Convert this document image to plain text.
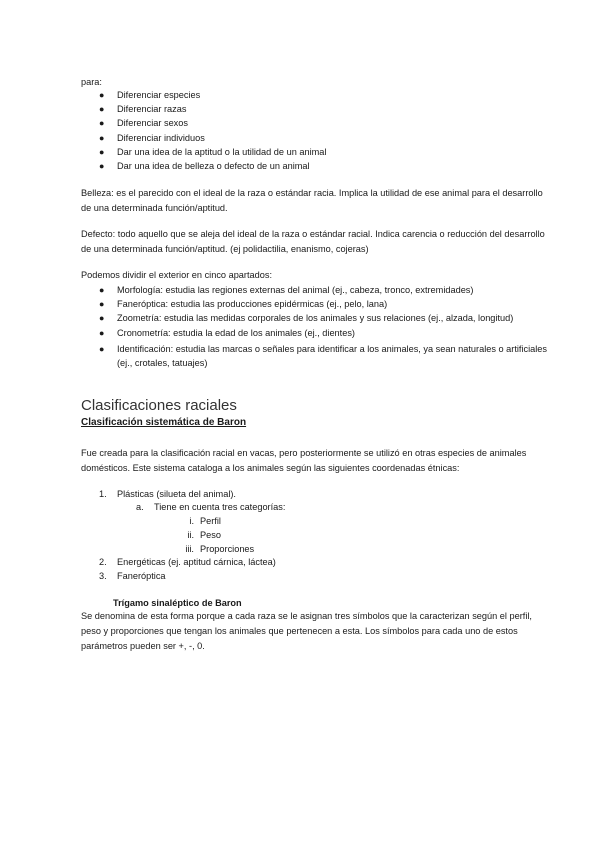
para:

● Diferenciar especies
● Diferenciar razas
● Diferenciar sexos
● Diferenciar individuos
● Dar una idea de la aptitud o la utilidad de un animal
● Dar una idea de belleza o defecto de un animal

Belleza: es el parecido con el ideal de la raza o estándar racia. Implica la utilidad de ese animal para el desarrollo de una determinada función/aptitud.

Defecto: todo aquello que se aleja del ideal de la raza o estándar racial. Indica carencia o reducción del desarrollo de una determinada función/aptitud. (ej polidactilia, enanismo, cojeras)

Podemos dividir el exterior en cinco apartados:

● Morfología: estudia las regiones externas del animal (ej., cabeza, tronco, extremidades)
● Faneróptica: estudia las producciones epidérmicas (ej., pelo, lana)
● Zoometría: estudia las medidas corporales de los animales y sus relaciones (ej., alzada, longitud)
● Cronometría: estudia la edad de los animales (ej., dientes)
● Identificación: estudia las marcas o señales para identificar a los animales, ya sean naturales o artificiales (ej., crotales, tatuajes)
Clasificaciones raciales
Clasificación sistemática de Baron

Fue creada para la clasificación racial en vacas, pero posteriormente se utilizó en otras especies de animales domésticos. Este sistema cataloga a los animales según las siguientes coordenadas étnicas:

1. Plásticas (silueta del animal).
a. Tiene en cuenta tres categorías:
i. Perfil
ii. Peso
iii. Proporciones
2. Energéticas (ej. aptitud cárnica, láctea)
3. Faneróptica
Trígamo sinaléptico de Baron

Se denomina de esta forma porque a cada raza se le asignan tres símbolos que la caracterizan según el perfil, peso y proporciones que tengan los animales que pertenecen a esta. Los símbolos para cada uno de estos parámetros pueden ser +, -, 0.
